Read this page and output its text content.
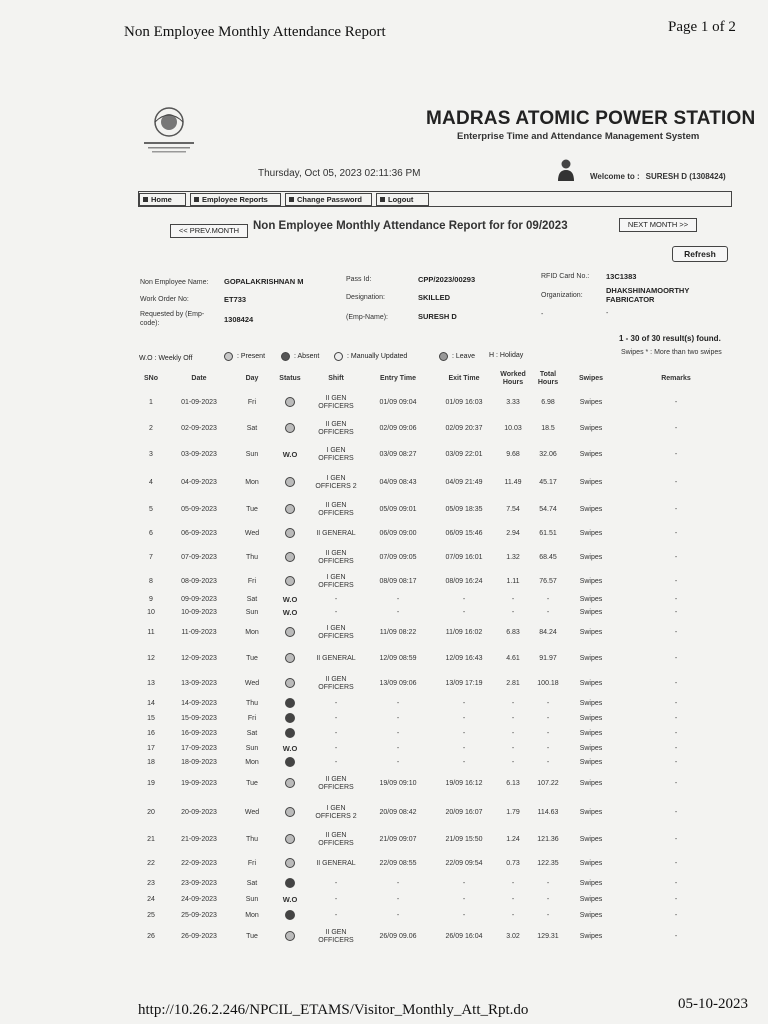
Non Employee Monthly Attendance Report	Page 1 of 2
MADRAS ATOMIC POWER STATION
Enterprise Time and Attendance Management System
Thursday, Oct 05, 2023 02:11:36 PM	Welcome to : SURESH D (1308424)
Home	Employee Reports	Change Password	Logout
<< PREV.MONTH	Non Employee Monthly Attendance Report for for 09/2023	NEXT MONTH >>
Refresh
Non Employee Name: GOPALAKRISHNAN M	Pass Id:	CPP/2023/00293	RFID Card No.: 13C1383
Work Order No:	ET733	Designation:	SKILLED	Organization:
DHAKSHINAMOORTHY FABRICATOR
Requested by (Emp-code):	1308424	(Emp-Name):	SURESH D	-	-
1 - 30 of 30 result(s) found.
Swipes * : More than two swipes
W.O : Weekly Off	: Present	: Absent	: Manually Updated	: Leave H : Holiday
SNo	Date	Day	Status	Shift	Entry Time	Exit Time	Worked Hours	Total Hours	Swipes	Remarks
1	01-09-2023	Fri		II GEN OFFICERS	01/09 09:04	01/09 16:03	3.33	6.98	Swipes	-
2	02-09-2023	Sat		II GEN OFFICERS	02/09 09:06	02/09 20:37	10.03	18.5	Swipes	-
3	03-09-2023	Sun	W.O	I GEN OFFICERS	03/09 08:27	03/09 22:01	9.68	32.06	Swipes	-
4	04-09-2023	Mon		I GEN OFFICERS 2	04/09 08:43	04/09 21:49	11.49	45.17	Swipes	-
5	05-09-2023	Tue		II GEN OFFICERS	05/09 09:01	05/09 18:35	7.54	54.74	Swipes	-
6	06-09-2023	Wed		II GENERAL	06/09 09:00	06/09 15:46	2.94	61.51	Swipes	-
7	07-09-2023	Thu		II GEN OFFICERS	07/09 09:05	07/09 16:01	1.32	68.45	Swipes	-
8	08-09-2023	Fri		I GEN OFFICERS	08/09 08:17	08/09 16:24	1.11	76.57	Swipes	-
9	09-09-2023	Sat	W.O	-	-	-	-	-	Swipes	-
10	10-09-2023	Sun	W.O	-	-	-	-	-	Swipes	-
11	11-09-2023	Mon		I GEN OFFICERS	11/09 08:22	11/09 16:02	6.83	84.24	Swipes	-
12	12-09-2023	Tue		II GENERAL	12/09 08:59	12/09 16:43	4.61	91.97	Swipes	-
13	13-09-2023	Wed		II GEN OFFICERS	13/09 09:06	13/09 17:19	2.81	100.18	Swipes	-
14	14-09-2023	Thu		-	-	-	-	-	Swipes	-
15	15-09-2023	Fri		-	-	-	-	-	Swipes	-
16	16-09-2023	Sat		-	-	-	-	-	Swipes	-
17	17-09-2023	Sun	W.O	-	-	-	-	-	Swipes	-
18	18-09-2023	Mon		-	-	-	-	-	Swipes	-
19	19-09-2023	Tue		II GEN OFFICERS	19/09 09:10	19/09 16:12	6.13	107.22	Swipes	-
20	20-09-2023	Wed		I GEN OFFICERS 2	20/09 08:42	20/09 16:07	1.79	114.63	Swipes	-
21	21-09-2023	Thu		II GEN OFFICERS	21/09 09:07	21/09 15:50	1.24	121.36	Swipes	-
22	22-09-2023	Fri		II GENERAL	22/09 08:55	22/09 09:54	0.73	122.35	Swipes	-
23	23-09-2023	Sat		-	-	-	-	-	Swipes	-
24	24-09-2023	Sun	W.O	-	-	-	-	-	Swipes	-
25	25-09-2023	Mon		-	-	-	-	-	Swipes	-
26	26-09-2023	Tue		II GEN OFFICERS	26/09 09.06	26/09 16:04	3.02	129.31	Swipes	-
http://10.26.2.246/NPCIL_ETAMS/Visitor_Monthly_Att_Rpt.do	05-10-2023
